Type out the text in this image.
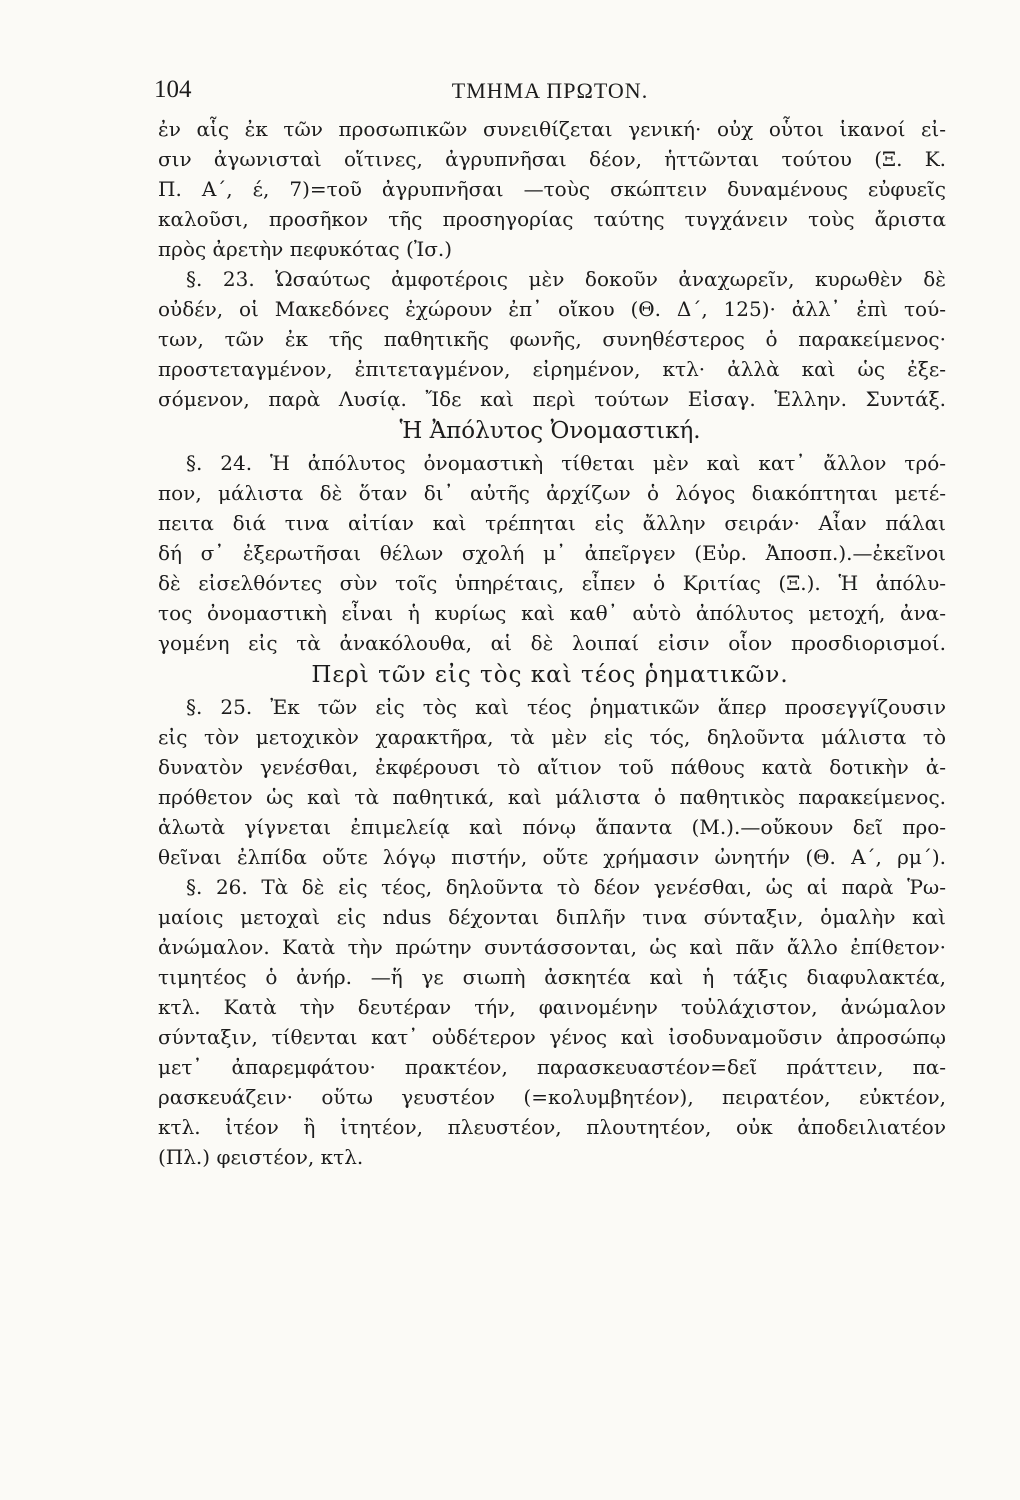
104	ΤΜΗΜΑ ΠΡΩΤΟΝ.
ἐν αἷς ἐκ τῶν προσωπικῶν συνειθίζεται γενική· οὐχ οὗτοι ἱκανοί εἰ-
σιν ἀγωνισταὶ οἵτινες, ἀγρυπνῆσαι δέον, ἡττῶνται τούτου (Ξ. Κ.
Π. Α΄, έ, 7)=τοῦ ἀγρυπνῆσαι —τοὺς σκώπτειν δυναμένους εὐφυεῖς
καλοῦσι, προσῆκον τῆς προσηγορίας ταύτης τυγχάνειν τοὺς ἄριστα
πρὸς ἀρετὴν πεφυκότας (Ἰσ.)
§. 23. Ὡσαύτως ἀμφοτέροις μὲν δοκοῦν ἀναχωρεῖν, κυρωθὲν δὲ
οὐδέν, οἱ Μακεδόνες ἐχώρουν ἐπ᾽ οἴκου (Θ. Δ΄, 125)· ἀλλ᾽ ἐπὶ τού-
των, τῶν ἐκ τῆς παθητικῆς φωνῆς, συνηθέστερος ὁ παρακείμενος·
προστεταγμένον, ἐπιτεταγμένον, εἰρημένον, κτλ· ἀλλὰ καὶ ὡς ἐξε-
σόμενον, παρὰ Λυσίᾳ. Ἴδε καὶ περὶ τούτων Εἰσαγ. Ἑλλην. Συντάξ.
Ἡ Ἀπόλυτος Ὀνομαστική.
§. 24. Ἡ ἀπόλυτος ὀνομαστικὴ τίθεται μὲν καὶ κατ᾽ ἄλλον τρό-
πον, μάλιστα δὲ ὅταν δι᾽ αὐτῆς ἀρχίζων ὁ λόγος διακόπτηται μετέ-
πειτα διά τινα αἰτίαν καὶ τρέπηται εἰς ἄλλην σειράν· Αἶαν πάλαι
δή σ᾽ ἐξερωτῆσαι θέλων σχολή μ᾽ ἀπεῖργεν (Εὐρ. Ἀποσπ.).—ἐκεῖνοι
δὲ εἰσελθόντες σὺν τοῖς ὑπηρέταις, εἶπεν ὁ Κριτίας (Ξ.). Ἡ ἀπόλυ-
τος ὀνομαστικὴ εἶναι ἡ κυρίως καὶ καθ᾽ αὑτὸ ἀπόλυτος μετοχή, ἀνα-
γομένη εἰς τὰ ἀνακόλουθα, αἱ δὲ λοιπαί εἰσιν οἷον προσδιορισμοί.
Περὶ τῶν εἰς τὸς καὶ τέος ῥηματικῶν.
§. 25. Ἐκ τῶν εἰς τὸς καὶ τέος ῥηματικῶν ἅπερ προσεγγίζουσιν
εἰς τὸν μετοχικὸν χαρακτῆρα, τὰ μὲν εἰς τός, δηλοῦντα μάλιστα τὸ
δυνατὸν γενέσθαι, ἐκφέρουσι τὸ αἴτιον τοῦ πάθους κατὰ δοτικὴν ἀ-
πρόθετον ὡς καὶ τὰ παθητικά, καὶ μάλιστα ὁ παθητικὸς παρακείμενος.
ἁλωτὰ γίγνεται ἐπιμελείᾳ καὶ πόνῳ ἅπαντα (Μ.).—οὔκουν δεῖ προ-
θεῖναι ἐλπίδα οὔτε λόγῳ πιστήν, οὔτε χρήμασιν ὠνητήν (Θ. Α΄, ρμ΄).
§. 26. Τὰ δὲ εἰς τέος, δηλοῦντα τὸ δέον γενέσθαι, ὡς αἱ παρὰ Ῥω-
μαίοις μετοχαὶ εἰς ndus δέχονται διπλῆν τινα σύνταξιν, ὁμαλὴν καὶ
ἀνώμαλον. Κατὰ τὴν πρώτην συντάσσονται, ὡς καὶ πᾶν ἄλλο ἐπίθετον·
τιμητέος ὁ ἀνήρ. —ἥ γε σιωπὴ ἀσκητέα καὶ ἡ τάξις διαφυλακτέα,
κτλ. Κατὰ τὴν δευτέραν τήν, φαινομένην τοὐλάχιστον, ἀνώμαλον
σύνταξιν, τίθενται κατ᾽ οὐδέτερον γένος καὶ ἰσοδυναμοῦσιν ἀπροσώπῳ
μετ᾽ ἀπαρεμφάτου· πρακτέον, παρασκευαστέον=δεῖ πράττειν, πα-
ρασκευάζειν· οὕτω γευστέον (=κολυμβητέον), πειρατέον, εὐκτέον,
κτλ. ἰτέον ἢ ἰτητέον, πλευστέον, πλουτητέον, οὐκ ἀποδειλιατέον
(Πλ.) φειστέον, κτλ.
